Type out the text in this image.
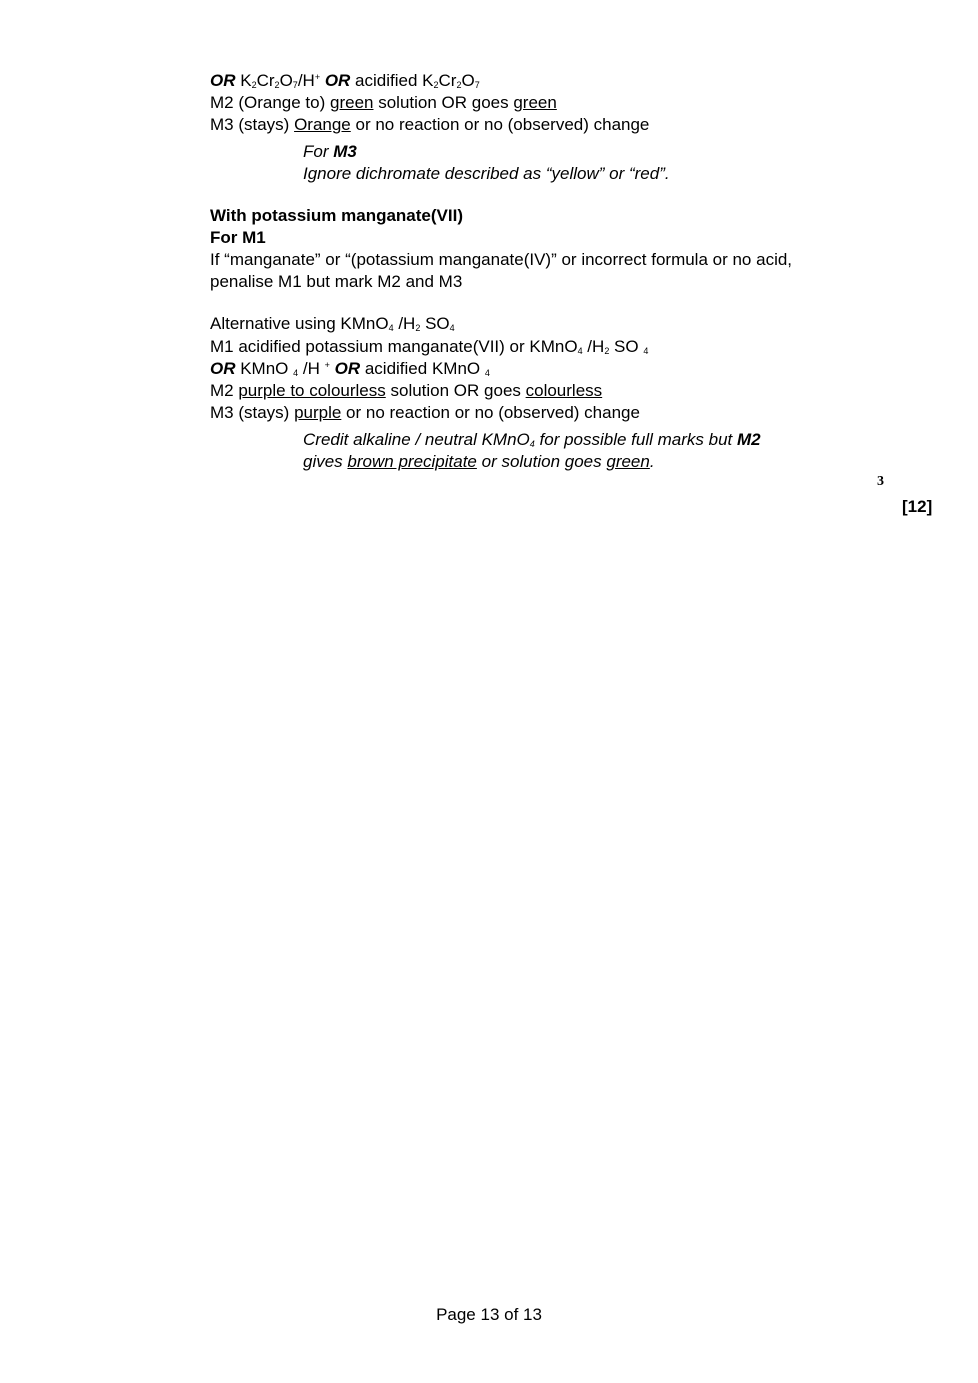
OR $K_2Cr_2O_7/H^+$ OR acidified $K_2Cr_2O_7$
M2 (Orange to) green solution OR goes green
M3 (stays) Orange or no reaction or no (observed) change
For M3
Ignore dichromate described as “yellow” or “red”.
With potassium manganate(VII)
For M1
If “manganate” or “(potassium manganate(IV)” or incorrect formula or no acid,
penalise M1 but mark M2 and M3
Alternative using KMnO$_4$ $/H_2$ $SO_4$
M1 acidified potassium manganate(VII) or KMnO$_4$ $/H_2$ SO $_4$
OR KMnO $_4$ /H + OR acidified KMnO $_4$
M2 purple to colourless solution OR goes colourless
M3 (stays) purple or no reaction or no (observed) change
Credit alkaline / neutral KMnO$_4$ for possible full marks but M2
gives brown precipitate or solution goes green.
3
[12]
Page 13 of 13
